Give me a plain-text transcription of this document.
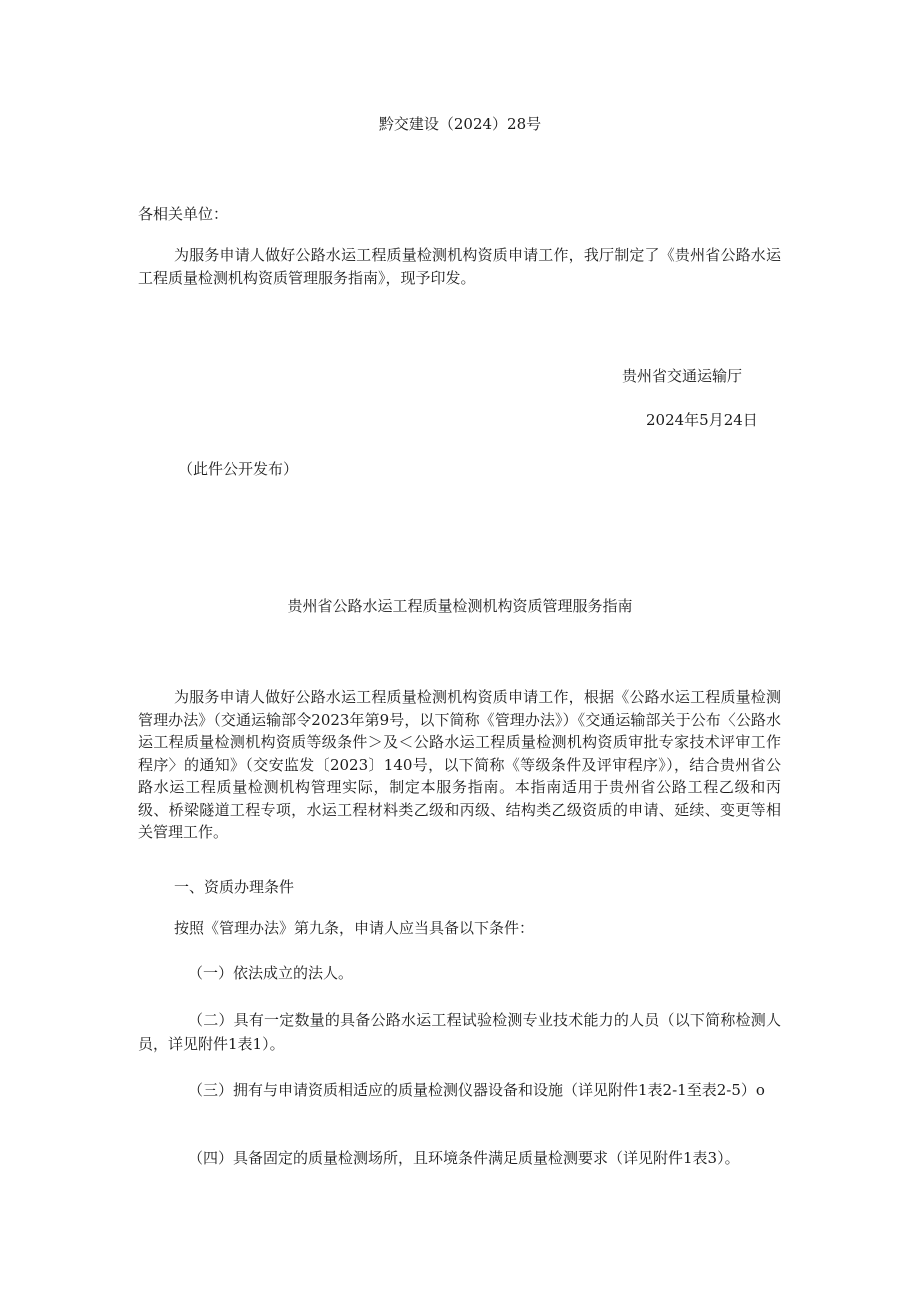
黔交建设（2024）28号
各相关单位：
为服务申请人做好公路水运工程质量检测机构资质申请工作，我厅制定了《贵州省公路水运工程质量检测机构资质管理服务指南》，现予印发。
贵州省交通运输厅
2024年5月24日
（此件公开发布）
贵州省公路水运工程质量检测机构资质管理服务指南
为服务申请人做好公路水运工程质量检测机构资质申请工作，根据《公路水运工程质量检测管理办法》（交通运输部令2023年第9号，以下简称《管理办法》）《交通运输部关于公布〈公路水运工程质量检测机构资质等级条件＞及＜公路水运工程质量检测机构资质审批专家技术评审工作程序〉的通知》（交安监发〔2023〕140号，以下简称《等级条件及评审程序》），结合贵州省公路水运工程质量检测机构管理实际，制定本服务指南。本指南适用于贵州省公路工程乙级和丙级、桥梁隧道工程专项，水运工程材料类乙级和丙级、结构类乙级资质的申请、延续、变更等相关管理工作。
一、资质办理条件
按照《管理办法》第九条，申请人应当具备以下条件：
（一）依法成立的法人。
（二）具有一定数量的具备公路水运工程试验检测专业技术能力的人员（以下简称检测人员，详见附件1表1）。
（三）拥有与申请资质相适应的质量检测仪器设备和设施（详见附件1表2-1至表2-5）o
（四）具备固定的质量检测场所，且环境条件满足质量检测要求（详见附件1表3）。
